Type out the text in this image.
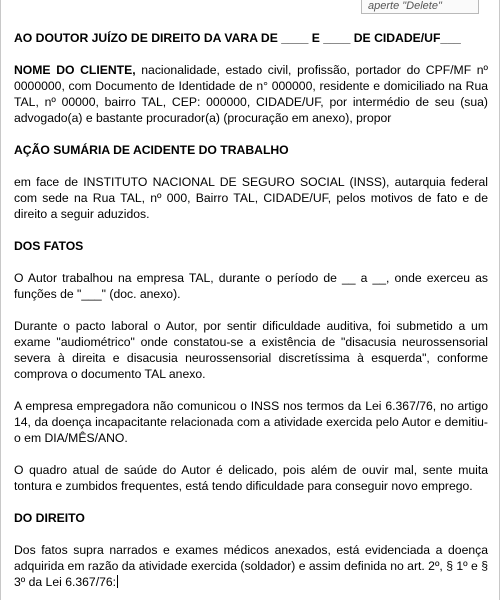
aperte "Delete"

AO DOUTOR JUÍZO DE DIREITO DA VARA DE ____ E ____ DE CIDADE/UF___

NOME DO CLIENTE, nacionalidade, estado civil, profissão, portador do CPF/MF nº 0000000, com Documento de Identidade de n° 000000, residente e domiciliado na Rua TAL, nº 00000, bairro TAL, CEP: 000000, CIDADE/UF, por intermédio de seu (sua) advogado(a) e bastante procurador(a) (procuração em anexo), propor

AÇÃO SUMÁRIA DE ACIDENTE DO TRABALHO

em face de INSTITUTO NACIONAL DE SEGURO SOCIAL (INSS), autarquia federal com sede na Rua TAL, nº 000, Bairro TAL, CIDADE/UF, pelos motivos de fato e de direito a seguir aduzidos.

DOS FATOS

O Autor trabalhou na empresa TAL, durante o período de __ a __, onde exerceu as funções de "___" (doc. anexo).

Durante o pacto laboral o Autor, por sentir dificuldade auditiva, foi submetido a um exame "audiométrico" onde constatou-se a existência de "disacusia neurossensorial severa à direita e disacusia neurossensorial discretíssima à esquerda", conforme comprova o documento TAL anexo.

A empresa empregadora não comunicou o INSS nos termos da Lei 6.367/76, no artigo 14, da doença incapacitante relacionada com a atividade exercida pelo Autor e demitiu-o em DIA/MÊS/ANO.

O quadro atual de saúde do Autor é delicado, pois além de ouvir mal, sente muita tontura e zumbidos frequentes, está tendo dificuldade para conseguir novo emprego.

DO DIREITO

Dos fatos supra narrados e exames médicos anexados, está evidenciada a doença adquirida em razão da atividade exercida (soldador) e assim definida no art. 2º, § 1º e § 3º da Lei 6.367/76:
